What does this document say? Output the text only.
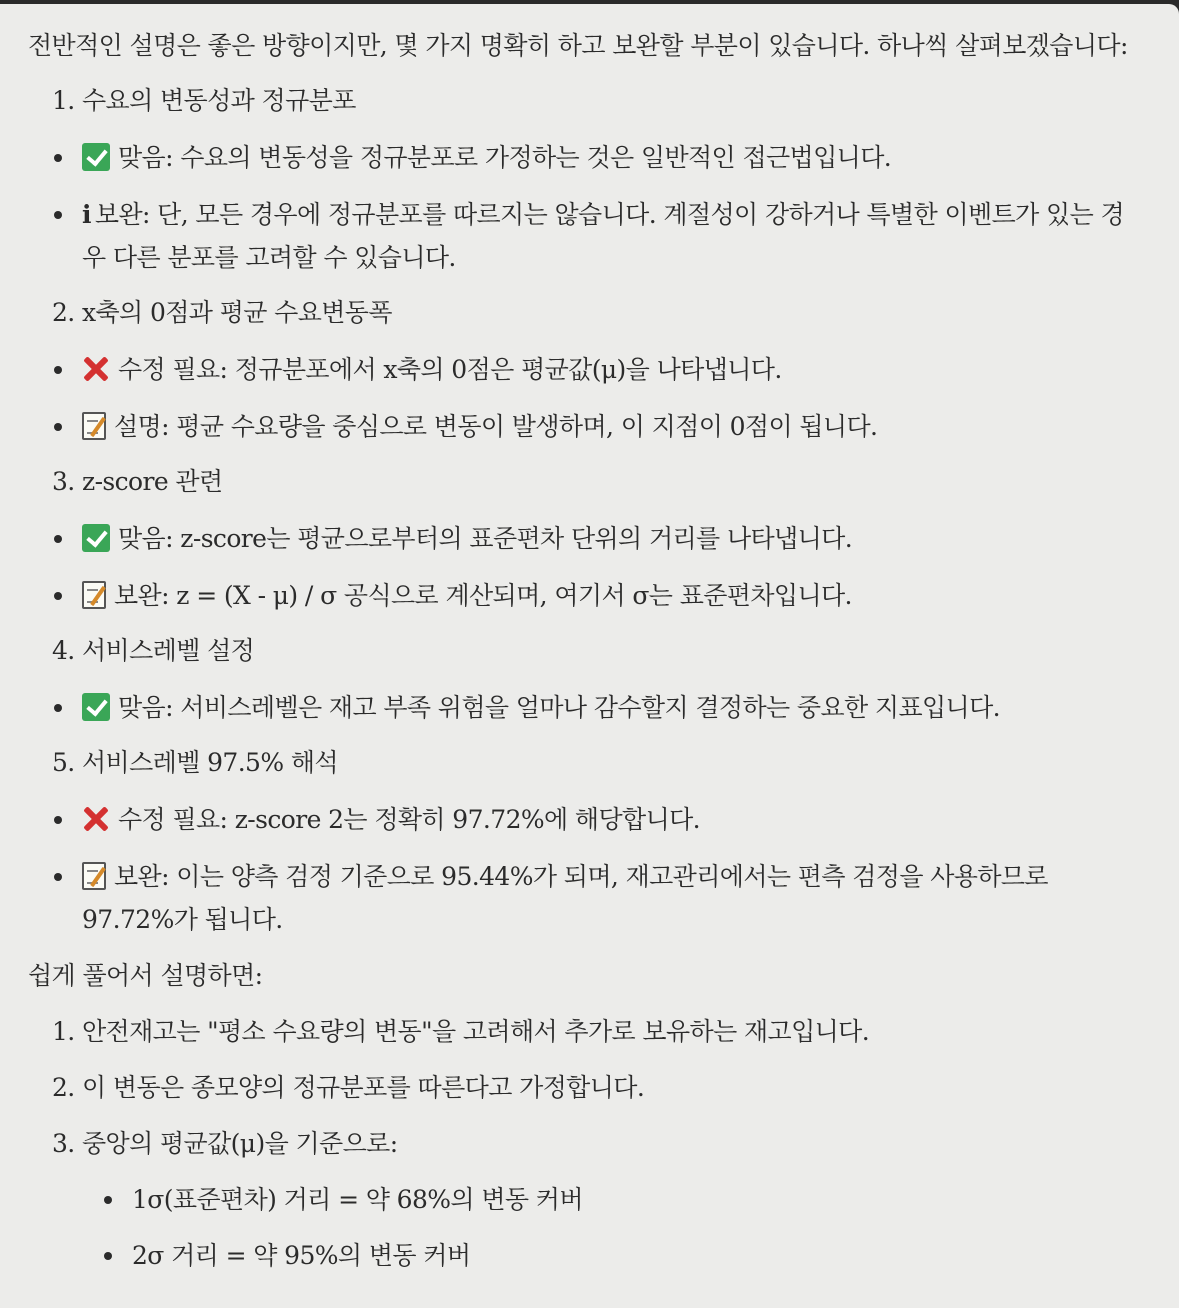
전반적인 설명은 좋은 방향이지만, 몇 가지 명확히 하고 보완할 부분이 있습니다. 하나씩 살펴보겠습니다:

1. 수요의 변동성과 정규분포
맞음: 수요의 변동성을 정규분포로 가정하는 것은 일반적인 접근법입니다.
i 보완: 단, 모든 경우에 정규분포를 따르지는 않습니다. 계절성이 강하거나 특별한 이벤트가 있는 경우 다른 분포를 고려할 수 있습니다.
2. x축의 0점과 평균 수요변동폭
수정 필요: 정규분포에서 x축의 0점은 평균값(μ)을 나타냅니다.
설명: 평균 수요량을 중심으로 변동이 발생하며, 이 지점이 0점이 됩니다.
3. z-score 관련
맞음: z-score는 평균으로부터의 표준편차 단위의 거리를 나타냅니다.
보완: z = (X - μ) / σ 공식으로 계산되며, 여기서 σ는 표준편차입니다.
4. 서비스레벨 설정
맞음: 서비스레벨은 재고 부족 위험을 얼마나 감수할지 결정하는 중요한 지표입니다.
5. 서비스레벨 97.5% 해석
수정 필요: z-score 2는 정확히 97.72%에 해당합니다.
보완: 이는 양측 검정 기준으로 95.44%가 되며, 재고관리에서는 편측 검정을 사용하므로 97.72%가 됩니다.

쉽게 풀어서 설명하면:

1. 안전재고는 "평소 수요량의 변동"을 고려해서 추가로 보유하는 재고입니다.
2. 이 변동은 종모양의 정규분포를 따른다고 가정합니다.
3. 중앙의 평균값(μ)을 기준으로:
1σ(표준편차) 거리 = 약 68%의 변동 커버
2σ 거리 = 약 95%의 변동 커버
